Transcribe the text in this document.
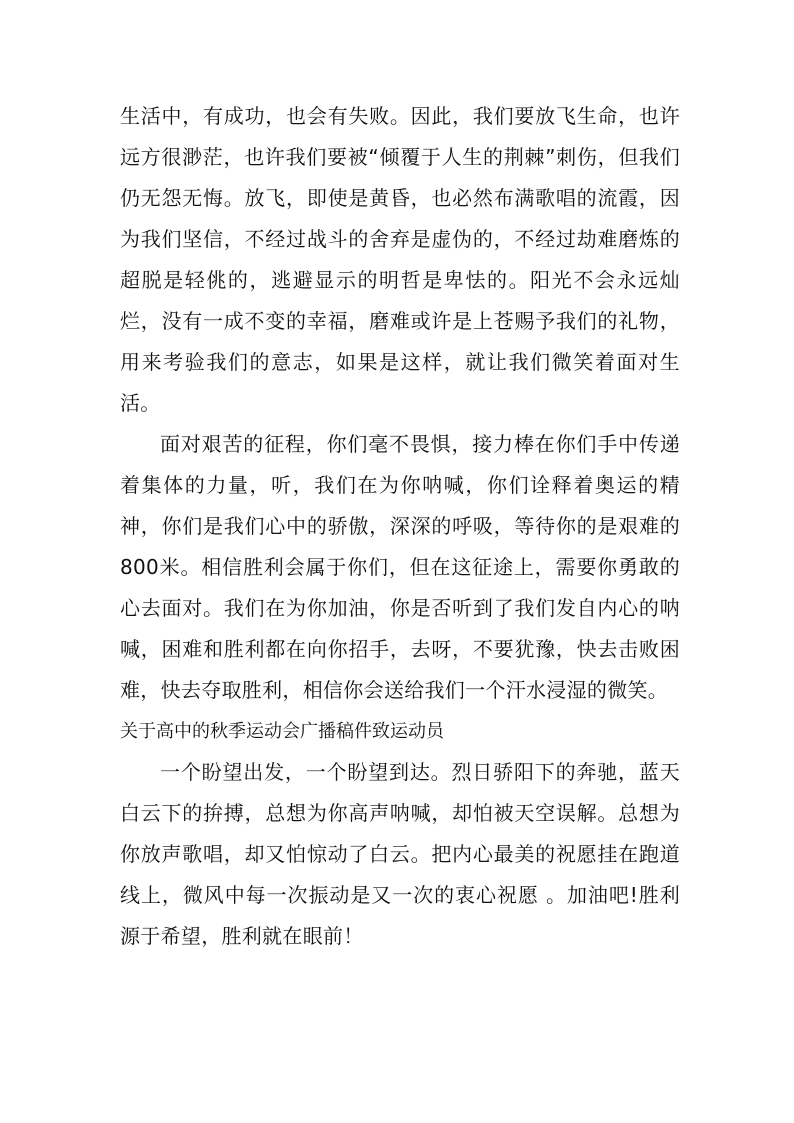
生活中，有成功，也会有失败。因此，我们要放飞生命，也许远方很渺茫，也许我们要被“倾覆于人生的荆棘”刺伤，但我们仍无怨无悔。放飞，即使是黄昏，也必然布满歌唱的流霞，因为我们坚信，不经过战斗的舍弃是虚伪的，不经过劫难磨炼的超脱是轻佻的，逃避显示的明哲是卑怯的。阳光不会永远灿烂，没有一成不变的幸福，磨难或许是上苍赐予我们的礼物，用来考验我们的意志，如果是这样，就让我们微笑着面对生活。

面对艰苦的征程，你们毫不畏惧，接力棒在你们手中传递着集体的力量，听，我们在为你呐喊，你们诠释着奥运的精神，你们是我们心中的骄傲，深深的呼吸，等待你的是艰难的800米。相信胜利会属于你们，但在这征途上，需要你勇敢的心去面对。我们在为你加油，你是否听到了我们发自内心的呐喊，困难和胜利都在向你招手，去呀，不要犹豫，快去击败困难，快去夺取胜利，相信你会送给我们一个汗水浸湿的微笑。

关于高中的秋季运动会广播稿件致运动员

一个盼望出发，一个盼望到达。烈日骄阳下的奔驰，蓝天白云下的拚搏，总想为你高声呐喊，却怕被天空误解。总想为你放声歌唱，却又怕惊动了白云。把内心最美的祝愿挂在跑道线上，微风中每一次振动是又一次的衷心祝愿 。加油吧!胜利源于希望，胜利就在眼前！
